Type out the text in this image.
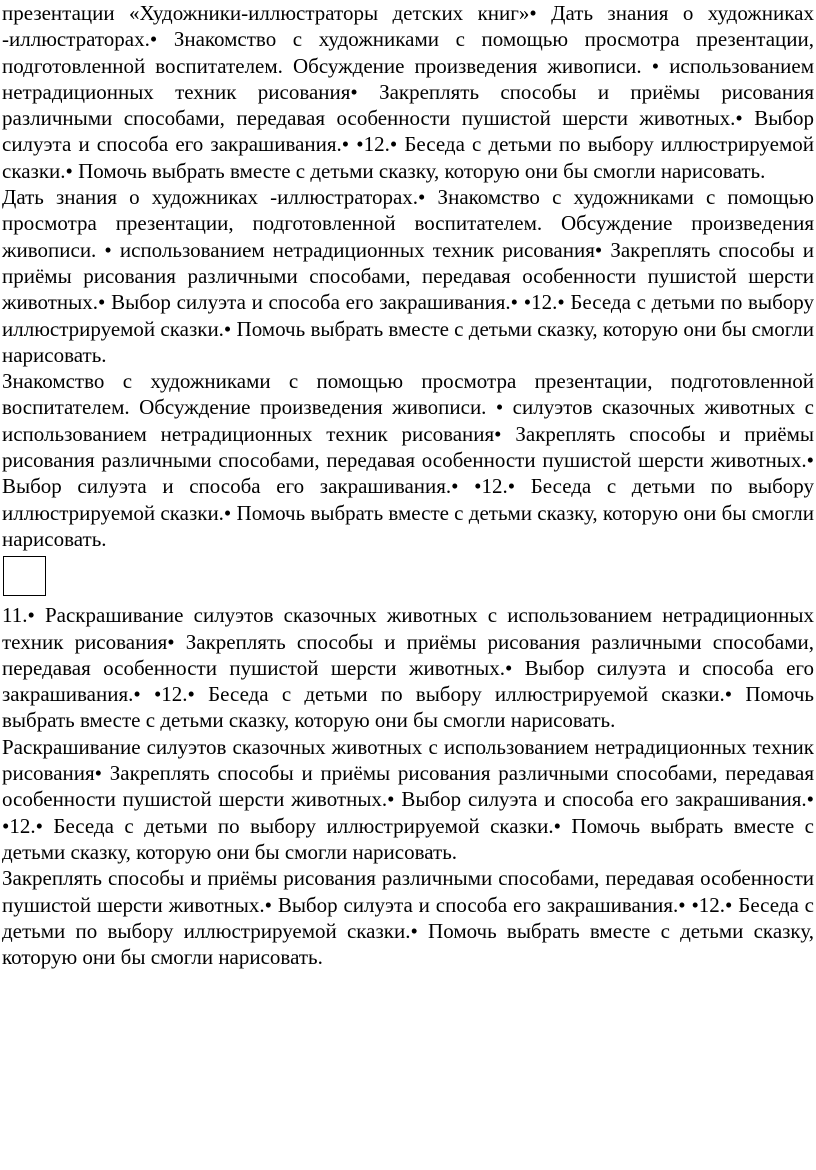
презентации «Художники-иллюстраторы детских книг»• Дать знания о художниках -иллюстраторах.• Знакомство с художниками с помощью просмотра презентации, подготовленной воспитателем. Обсуждение произведения живописи. • использованием нетрадиционных техник рисования• Закреплять способы и приёмы рисования различными способами, передавая особенности пушистой шерсти животных.• Выбор силуэта и способа его закрашивания.• •12.• Беседа с детьми по выбору иллюстрируемой сказки.• Помочь выбрать вместе с детьми сказку, которую они бы смогли нарисовать.

Дать знания о художниках -иллюстраторах.• Знакомство с художниками с помощью просмотра презентации, подготовленной воспитателем. Обсуждение произведения живописи. • использованием нетрадиционных техник рисования• Закреплять способы и приёмы рисования различными способами, передавая особенности пушистой шерсти животных.• Выбор силуэта и способа его закрашивания.• •12.• Беседа с детьми по выбору иллюстрируемой сказки.• Помочь выбрать вместе с детьми сказку, которую они бы смогли нарисовать.

Знакомство с художниками с помощью просмотра презентации, подготовленной воспитателем. Обсуждение произведения живописи. • силуэтов сказочных животных с использованием нетрадиционных техник рисования• Закреплять способы и приёмы рисования различными способами, передавая особенности пушистой шерсти животных.• Выбор силуэта и способа его закрашивания.• •12.• Беседа с детьми по выбору иллюстрируемой сказки.• Помочь выбрать вместе с детьми сказку, которую они бы смогли нарисовать.

11.• Раскрашивание силуэтов сказочных животных с использованием нетрадиционных техник рисования• Закреплять способы и приёмы рисования различными способами, передавая особенности пушистой шерсти животных.• Выбор силуэта и способа его закрашивания.• •12.• Беседа с детьми по выбору иллюстрируемой сказки.• Помочь выбрать вместе с детьми сказку, которую они бы смогли нарисовать.

Раскрашивание силуэтов сказочных животных с использованием нетрадиционных техник рисования• Закреплять способы и приёмы рисования различными способами, передавая особенности пушистой шерсти животных.• Выбор силуэта и способа его закрашивания.• •12.• Беседа с детьми по выбору иллюстрируемой сказки.• Помочь выбрать вместе с детьми сказку, которую они бы смогли нарисовать.

Закреплять способы и приёмы рисования различными способами, передавая особенности пушистой шерсти животных.• Выбор силуэта и способа его закрашивания.• •12.• Беседа с детьми по выбору иллюстрируемой сказки.• Помочь выбрать вместе с детьми сказку, которую они бы смогли нарисовать.
